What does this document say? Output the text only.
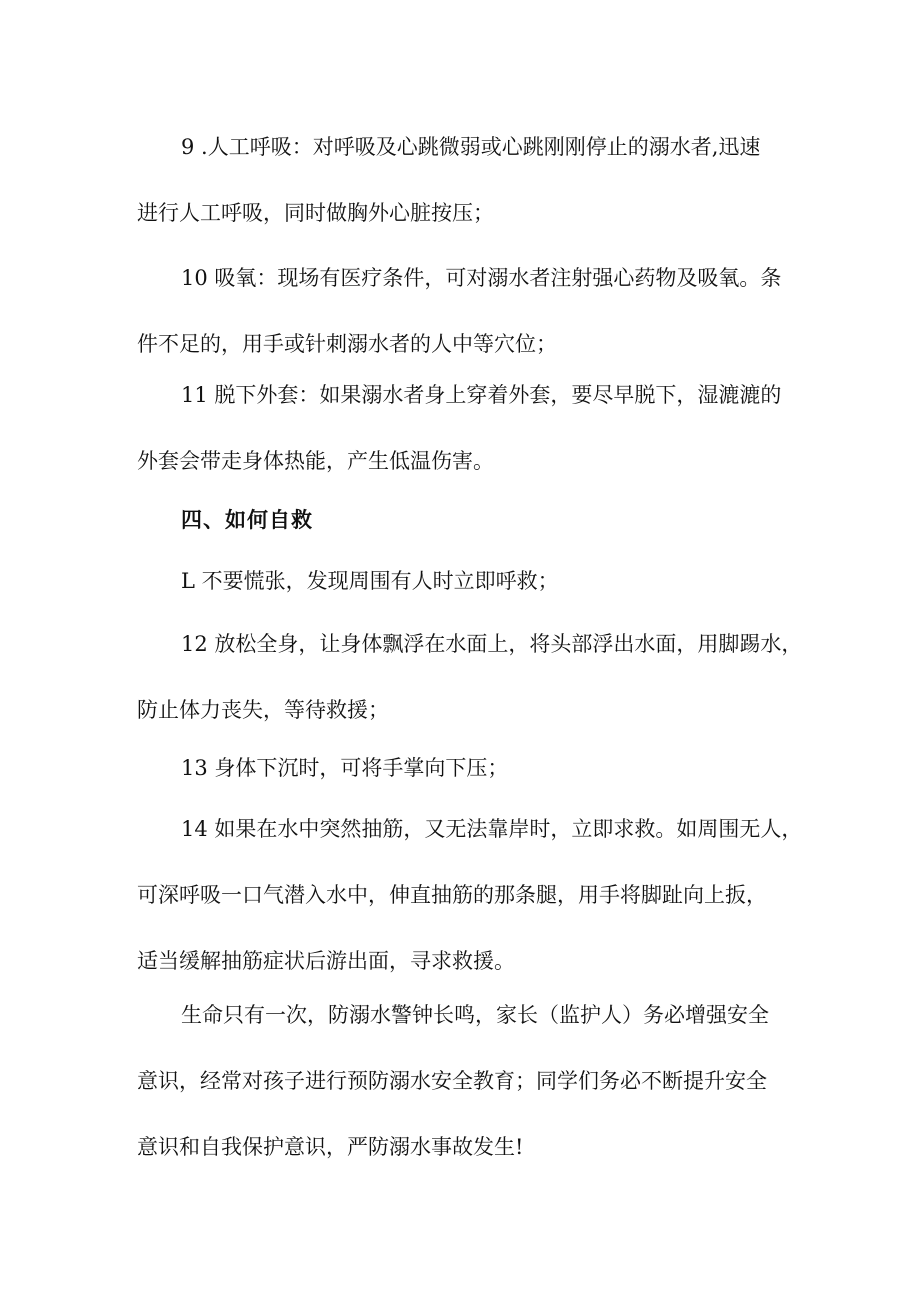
9 .人工呼吸：对呼吸及心跳微弱或心跳刚刚停止的溺水者,迅速
进行人工呼吸，同时做胸外心脏按压；
10 吸氧：现场有医疗条件，可对溺水者注射强心药物及吸氧。条
件不足的，用手或针刺溺水者的人中等穴位；
11 脱下外套：如果溺水者身上穿着外套，要尽早脱下，湿漉漉的
外套会带走身体热能，产生低温伤害。
四、如何自救
L 不要慌张，发现周围有人时立即呼救；
12 放松全身，让身体飘浮在水面上，将头部浮出水面，用脚踢水，
防止体力丧失，等待救援；
13 身体下沉时，可将手掌向下压；
14 如果在水中突然抽筋，又无法靠岸时，立即求救。如周围无人，
可深呼吸一口气潜入水中，伸直抽筋的那条腿，用手将脚趾向上扳，
适当缓解抽筋症状后游出面，寻求救援。
生命只有一次，防溺水警钟长鸣，家长（监护人）务必增强安全
意识，经常对孩子进行预防溺水安全教育；同学们务必不断提升安全
意识和自我保护意识，严防溺水事故发生!
